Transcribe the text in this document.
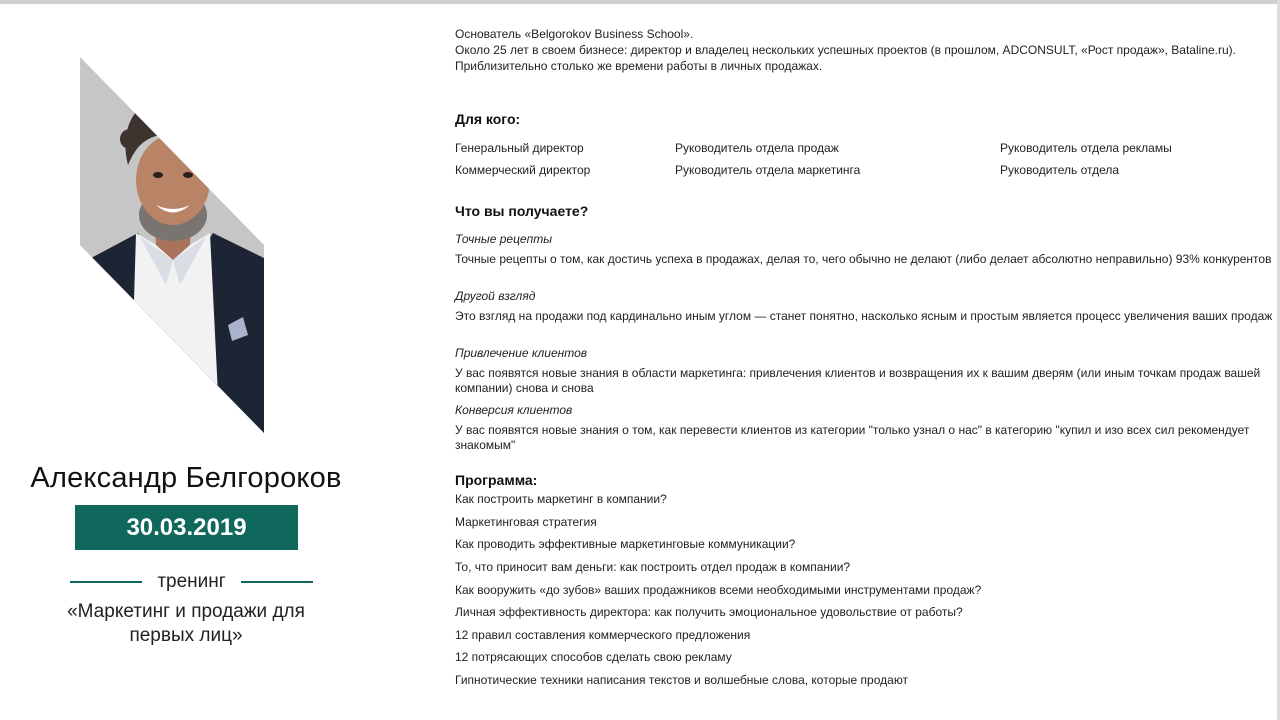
Александр Белгороков
30.03.2019
тренинг
«Маркетинг и продажи для первых лиц»
Основатель «Belgorokov Business School».
Около 25 лет в своем бизнесе: директор и владелец нескольких успешных проектов (в прошлом, ADCONSULT, «Рост продаж», Bataline.ru).
Приблизительно столько же времени работы в личных продажах.
Для кого:
Генеральный директор	Руководитель отдела продаж	Руководитель отдела рекламы
Коммерческий директор	Руководитель отдела маркетинга	Руководитель отдела
Что вы получаете?
Точные рецепты
Точные рецепты о том, как достичь успеха в продажах, делая то, чего обычно не делают (либо делает абсолютно неправильно) 93% конкурентов
Другой взгляд
Это взгляд на продажи под кардинально иным углом — станет понятно, насколько ясным и простым является процесс увеличения ваших продаж
Привлечение клиентов
У вас появятся новые знания в области маркетинга: привлечения клиентов и возвращения их к вашим дверям (или иным точкам продаж вашей компании) снова и снова
Конверсия клиентов
У вас появятся новые знания о том, как перевести клиентов из категории "только узнал о нас" в категорию "купил и изо всех сил рекомендует знакомым"
Программа:
Как построить маркетинг в компании?
Маркетинговая стратегия
Как проводить эффективные маркетинговые коммуникации?
То, что приносит вам деньги: как построить отдел продаж в компании?
Как вооружить «до зубов» ваших продажников всеми необходимыми инструментами продаж?
Личная эффективность директора: как получить эмоциональное удовольствие от работы?
12 правил составления коммерческого предложения
12 потрясающих способов сделать свою рекламу
Гипнотические техники написания текстов и волшебные слова, которые продают
